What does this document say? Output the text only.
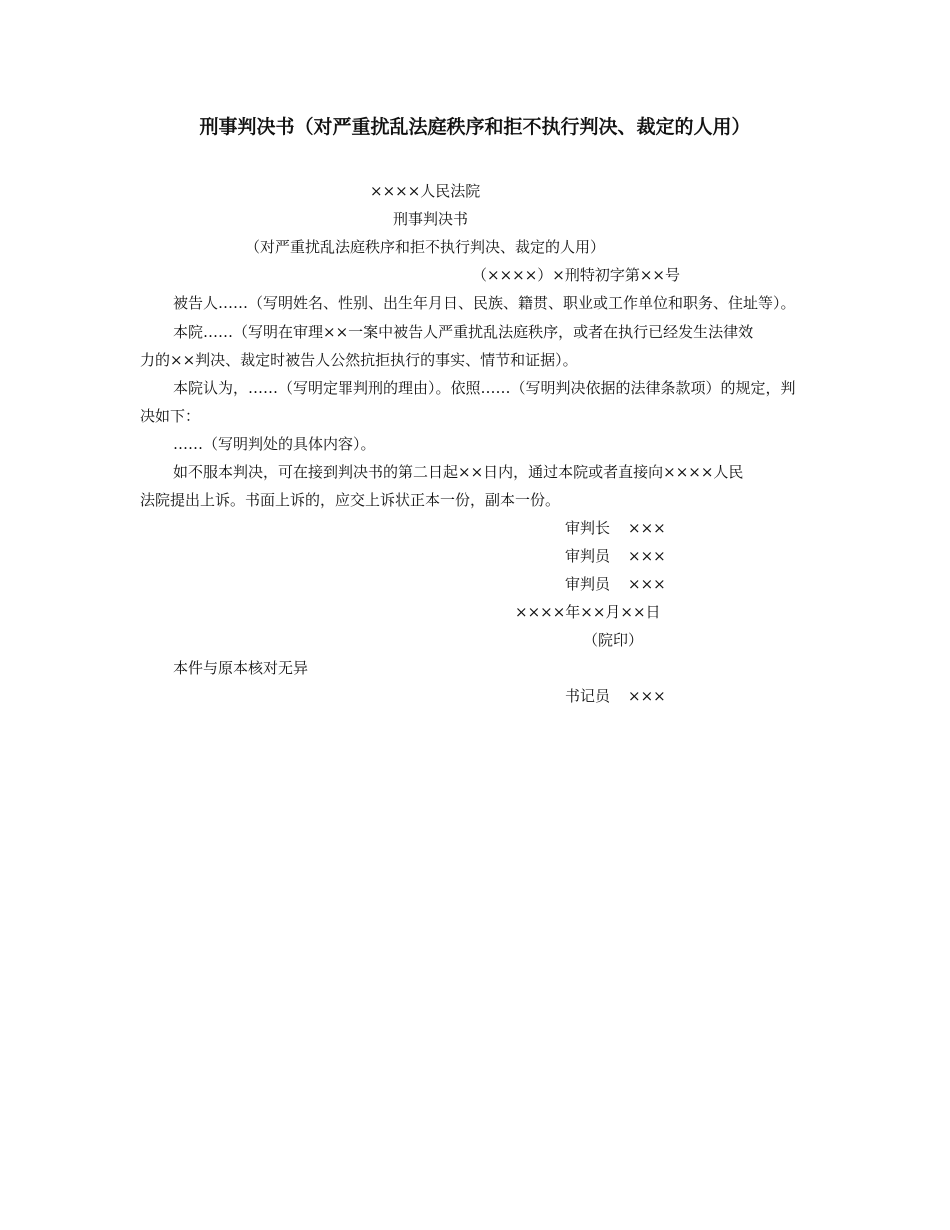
刑事判决书（对严重扰乱法庭秩序和拒不执行判决、裁定的人用）
××××人民法院
刑事判决书
（对严重扰乱法庭秩序和拒不执行判决、裁定的人用）
（××××）×刑特初字第××号
被告人……（写明姓名、性别、出生年月日、民族、籍贯、职业或工作单位和职务、住址等）。
本院……（写明在审理××一案中被告人严重扰乱法庭秩序，或者在执行已经发生法律效
力的××判决、裁定时被告人公然抗拒执行的事实、情节和证据）。
本院认为，……（写明定罪判刑的理由）。依照……（写明判决依据的法律条款项）的规定，判
决如下：
……（写明判处的具体内容）。
如不服本判决，可在接到判决书的第二日起××日内，通过本院或者直接向××××人民
法院提出上诉。书面上诉的，应交上诉状正本一份，副本一份。
审判长 ×××
审判员 ×××
审判员 ×××
××××年××月××日
（院印）
本件与原本核对无异
书记员 ×××
